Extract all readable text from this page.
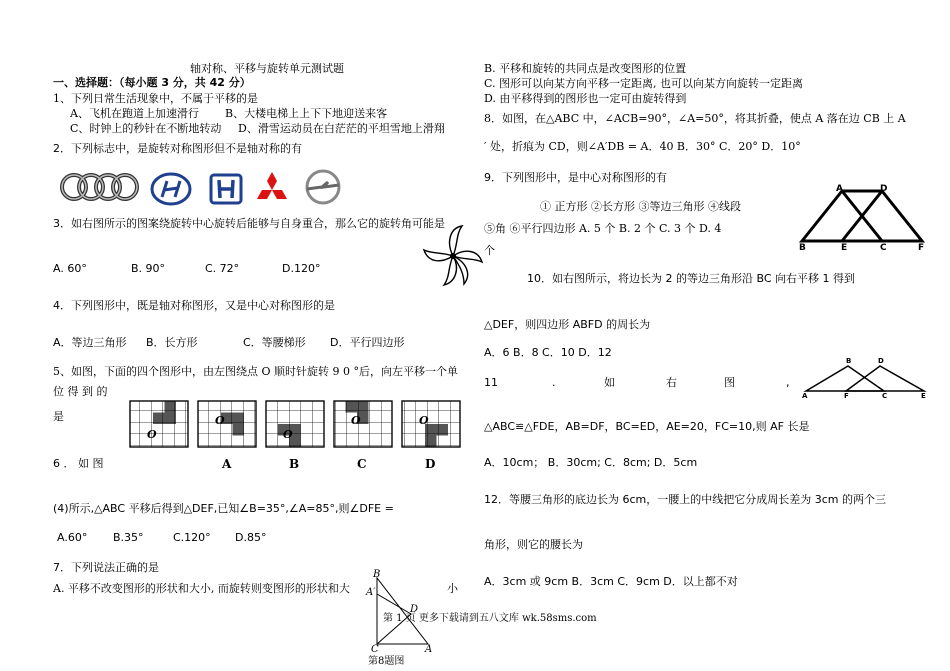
轴对称、平移与旋转单元测试题
一、选择题：（每小题 3 分，共 42 分）
1、下列日常生活现象中，不属于平移的是
A、飞机在跑道上加速滑行 B、大楼电梯上上下下地迎送来客
C、时钟上的秒针在不断地转动 D、滑雪运动员在白茫茫的平坦雪地上滑翔
2．下列标志中，是旋转对称图形但不是轴对称的有
3．如右图所示的图案绕旋转中心旋转后能够与自身重合，那么它的旋转角可能是
A. 60°	B. 90°	C. 72°	D.120°
4．下列图形中，既是轴对称图形，又是中心对称图形的是
A．等边三角形 B．长方形	C．等腰梯形 D．平行四边形
5、如图，下面的四个图形中，由左图绕点 O 顺时针旋转 9 0 °后，向左平移一个单
位 得 到 的
是
O
O
O
O	O
A	B	C	D
6 ． 如 图
(4)所示,△ABC 平移后得到△DEF,已知∠B=35°,∠A=85°,则∠DFE =
A.60° B.35°	C.120° D.85°
7．下列说法正确的是
A. 平移不改变图形的形状和大小, 而旋转则变图形的形状和大	小
B
A′
D
C	A
第8题图
第 1 页 更多下载请到五八文库 wk.58sms.com
B. 平移和旋转的共同点是改变图形的位置
C. 图形可以向某方向平移一定距离, 也可以向某方向旋转一定距离
D. 由平移得到的图形也一定可由旋转得到
8．如图，在△ABC 中，∠ACB=90°，∠A=50°，将其折叠，使点 A 落在边 CB 上 A
′ 处，折痕为 CD，则∠A′DB = A．40 B．30° C．20° D．10°
9．下列图形中，是中心对称图形的有
① 正方形 ②长方形 ③等边三角形 ④线段
⑤角 ⑥平行四边形 A. 5 个 B. 2 个 C. 3 个 D. 4
个
A	D
B	E	C	F
10．如右图所示，将边长为 2 的等边三角形沿 BC 向右平移 1 得到
△DEF，则四边形 ABFD 的周长为
A．6 B．8 C．10 D．12
11	.	如	右	图	,
B	D
A	F	C	E
△ABC≌△FDE，AB=DF，BC=ED，AE=20，FC=10,则 AF 长是
A．10cm； B．30cm; C．8cm; D．5cm
12．等腰三角形的底边长为 6cm，一腰上的中线把它分成周长差为 3cm 的两个三
角形，则它的腰长为
A．3cm 或 9cm B．3cm C．9cm D．以上都不对
